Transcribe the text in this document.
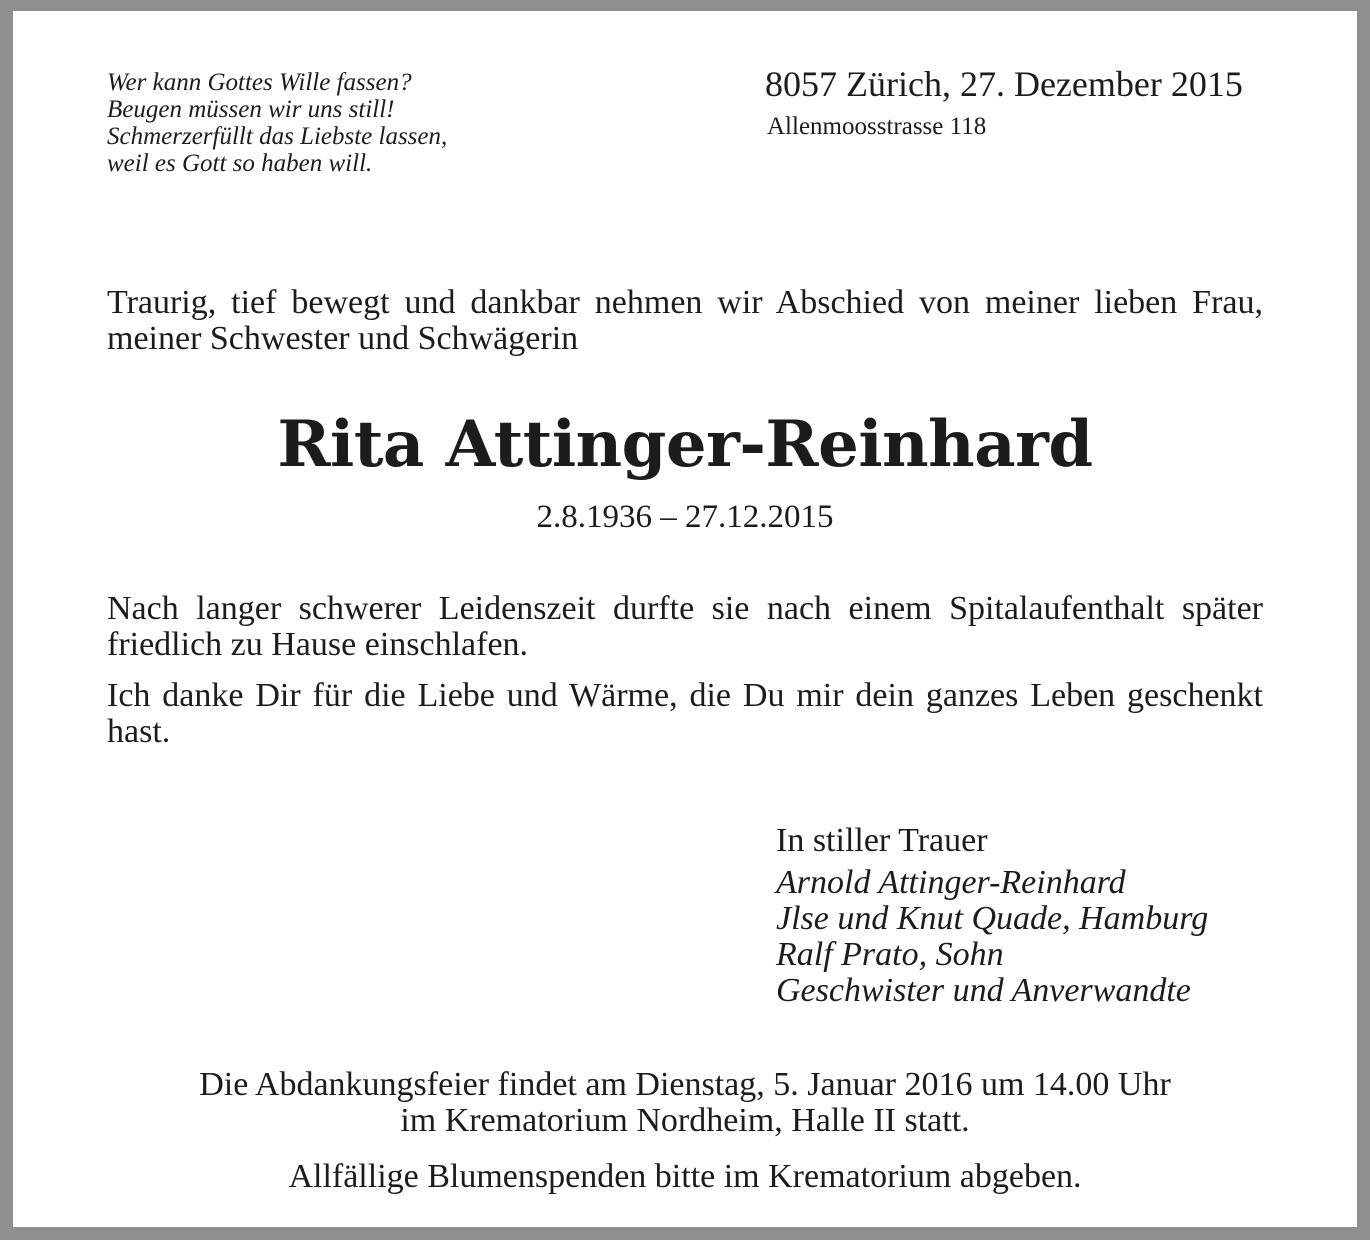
Wer kann Gottes Wille fassen?
Beugen müssen wir uns still!
Schmerzerfüllt das Liebste lassen,
weil es Gott so haben will.
8057 Zürich, 27. Dezember 2015
Allenmoosstrasse 118
Traurig, tief bewegt und dankbar nehmen wir Abschied von meiner lieben Frau, meiner Schwester und Schwägerin
Rita Attinger-Reinhard
2.8.1936 – 27.12.2015
Nach langer schwerer Leidenszeit durfte sie nach einem Spitalaufenthalt später friedlich zu Hause einschlafen.
Ich danke Dir für die Liebe und Wärme, die Du mir dein ganzes Leben geschenkt hast.
In stiller Trauer
Arnold Attinger-Reinhard
Jlse und Knut Quade, Hamburg
Ralf Prato, Sohn
Geschwister und Anverwandte
Die Abdankungsfeier findet am Dienstag, 5. Januar 2016 um 14.00 Uhr
im Krematorium Nordheim, Halle II statt.
Allfällige Blumenspenden bitte im Krematorium abgeben.
